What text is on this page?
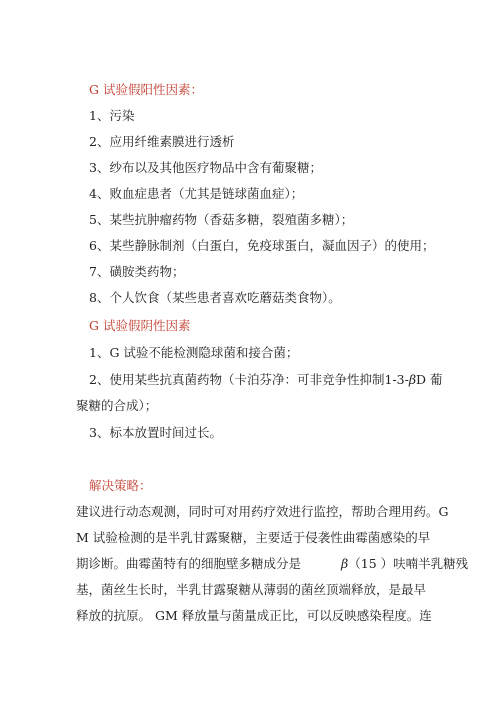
G 试验假阳性因素：
1、污染
2、应用纤维素膜进行透析
3、纱布以及其他医疗物品中含有葡聚糖；
4、败血症患者（尤其是链球菌血症）；
5、某些抗肿瘤药物（香菇多糖，裂殖菌多糖）；
6、某些静脉制剂（白蛋白，免疫球蛋白，凝血因子）的使用；
7、磺胺类药物；
8、个人饮食（某些患者喜欢吃蘑菇类食物）。
G 试验假阴性因素
1、G 试验不能检测隐球菌和接合菌；
2、使用某些抗真菌药物（卡泊芬净：可非竞争性抑制1-3-βD 葡
聚糖的合成）；
3、标本放置时间过长。
解决策略：
建议进行动态观测，同时可对用药疗效进行监控，帮助合理用药。G
M 试验检测的是半乳甘露聚糖，主要适于侵袭性曲霉菌感染的早
期诊断。曲霉菌特有的细胞壁多糖成分是	β（15 ）呋喃半乳糖残
基，菌丝生长时，半乳甘露聚糖从薄弱的菌丝顶端释放，是最早
释放的抗原。 GM 释放量与菌量成正比，可以反映感染程度。连
